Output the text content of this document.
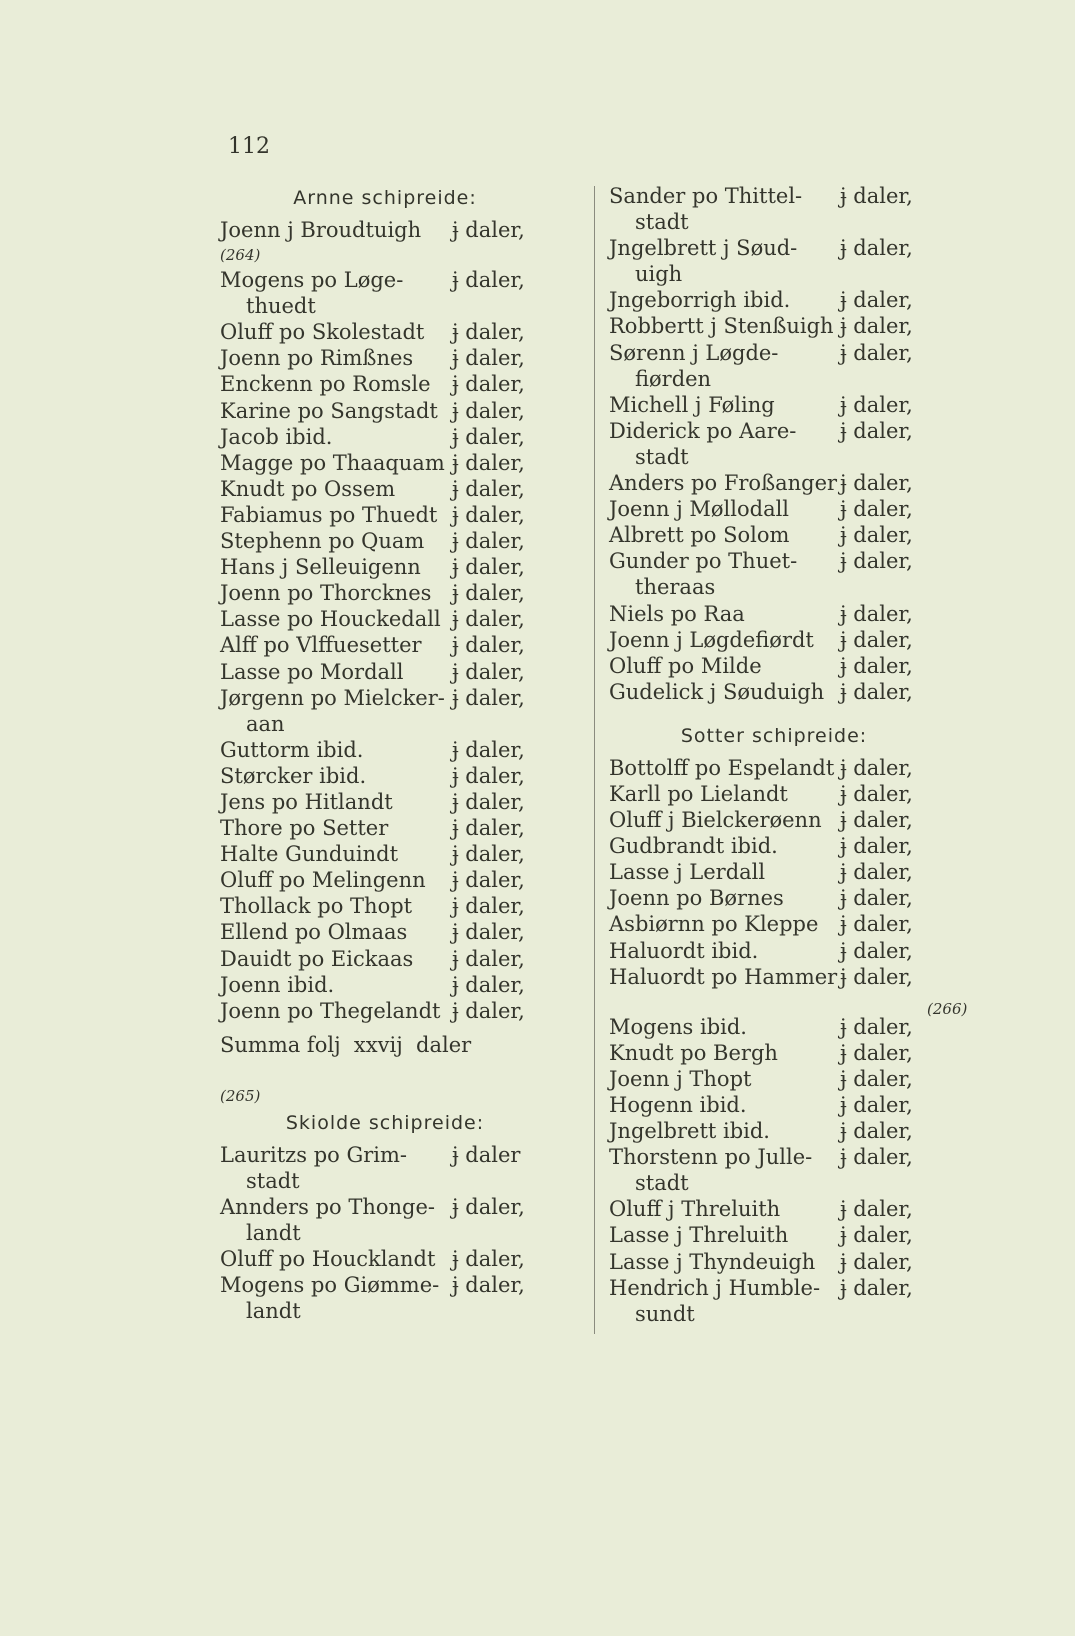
112
Arnne schipreide:
Joenn j Broudtuigh	ɉ daler,
(264)
Mogens po Løge-	ɉ daler,
thuedt
Oluff po Skolestadt	ɉ daler,
Joenn po Rimßnes	ɉ daler,
Enckenn po Romsle	ɉ daler,
Karine po Sangstadt ɉ daler,
Jacob ibid.	ɉ daler,
Magge po Thaaquam ɉ daler,
Knudt po Ossem	ɉ daler,
Fabiamus po Thuedt ɉ daler,
Stephenn po Quam	ɉ daler,
Hans j Selleuigenn	ɉ daler,
Joenn po Thorcknes ɉ daler,
Lasse po Houckedall ɉ daler,
Alff po Vlffuesetter	ɉ daler,
Lasse po Mordall	ɉ daler,
Jørgenn po Mielcker- ɉ daler,
aan
Guttorm ibid.	ɉ daler,
Størcker ibid.	ɉ daler,
Jens po Hitlandt	ɉ daler,
Thore po Setter	ɉ daler,
Halte Gunduindt	ɉ daler,
Oluff po Melingenn	ɉ daler,
Thollack po Thopt	ɉ daler,
Ellend po Olmaas	ɉ daler,
Dauidt po Eickaas	ɉ daler,
Joenn ibid.	ɉ daler,
Joenn po Thegelandt ɉ daler,
Summa folj  xxvij  daler
(265)
Skiolde schipreide:
Lauritzs po Grim-	ɉ daler
stadt
Annders po Thonge- ɉ daler,
landt
Oluff po Houcklandt ɉ daler,
Mogens po Giømme- ɉ daler,
landt
Sander po Thittel-	ɉ daler,
stadt
Jngelbrett j Søud-	ɉ daler,
uigh
Jngeborrigh ibid.	ɉ daler,
Robbertt j Stenßuigh ɉ daler,
Sørenn j Løgde-	ɉ daler,
fiørden
Michell j Føling	ɉ daler,
Diderick po Aare-	ɉ daler,
stadt
Anders po Froßanger ɉ daler,
Joenn j Møllodall	ɉ daler,
Albrett po Solom	ɉ daler,
Gunder po Thuet-	ɉ daler,
theraas
Niels po Raa	ɉ daler,
Joenn j Løgdefiørdt	ɉ daler,
Oluff po Milde	ɉ daler,
Gudelick j Søuduigh ɉ daler,
Sotter schipreide:
Bottolff po Espelandt ɉ daler,
Karll po Lielandt	ɉ daler,
Oluff j Bielckerøenn ɉ daler,
Gudbrandt ibid.	ɉ daler,
Lasse j Lerdall	ɉ daler,
Joenn po Børnes	ɉ daler,
Asbiørnn po Kleppe	ɉ daler,
Haluordt ibid.	ɉ daler,
Haluordt po Hammer ɉ daler,
Mogens ibid.	ɉ daler,
Knudt po Bergh	ɉ daler,
Joenn j Thopt	ɉ daler,
Hogenn ibid.	ɉ daler,
Jngelbrett ibid.	ɉ daler,
Thorstenn po Julle-	ɉ daler,
stadt
Oluff j Threluith	ɉ daler,
Lasse j Threluith	ɉ daler,
Lasse j Thyndeuigh	ɉ daler,
Hendrich j Humble- ɉ daler,
sundt
(266)
